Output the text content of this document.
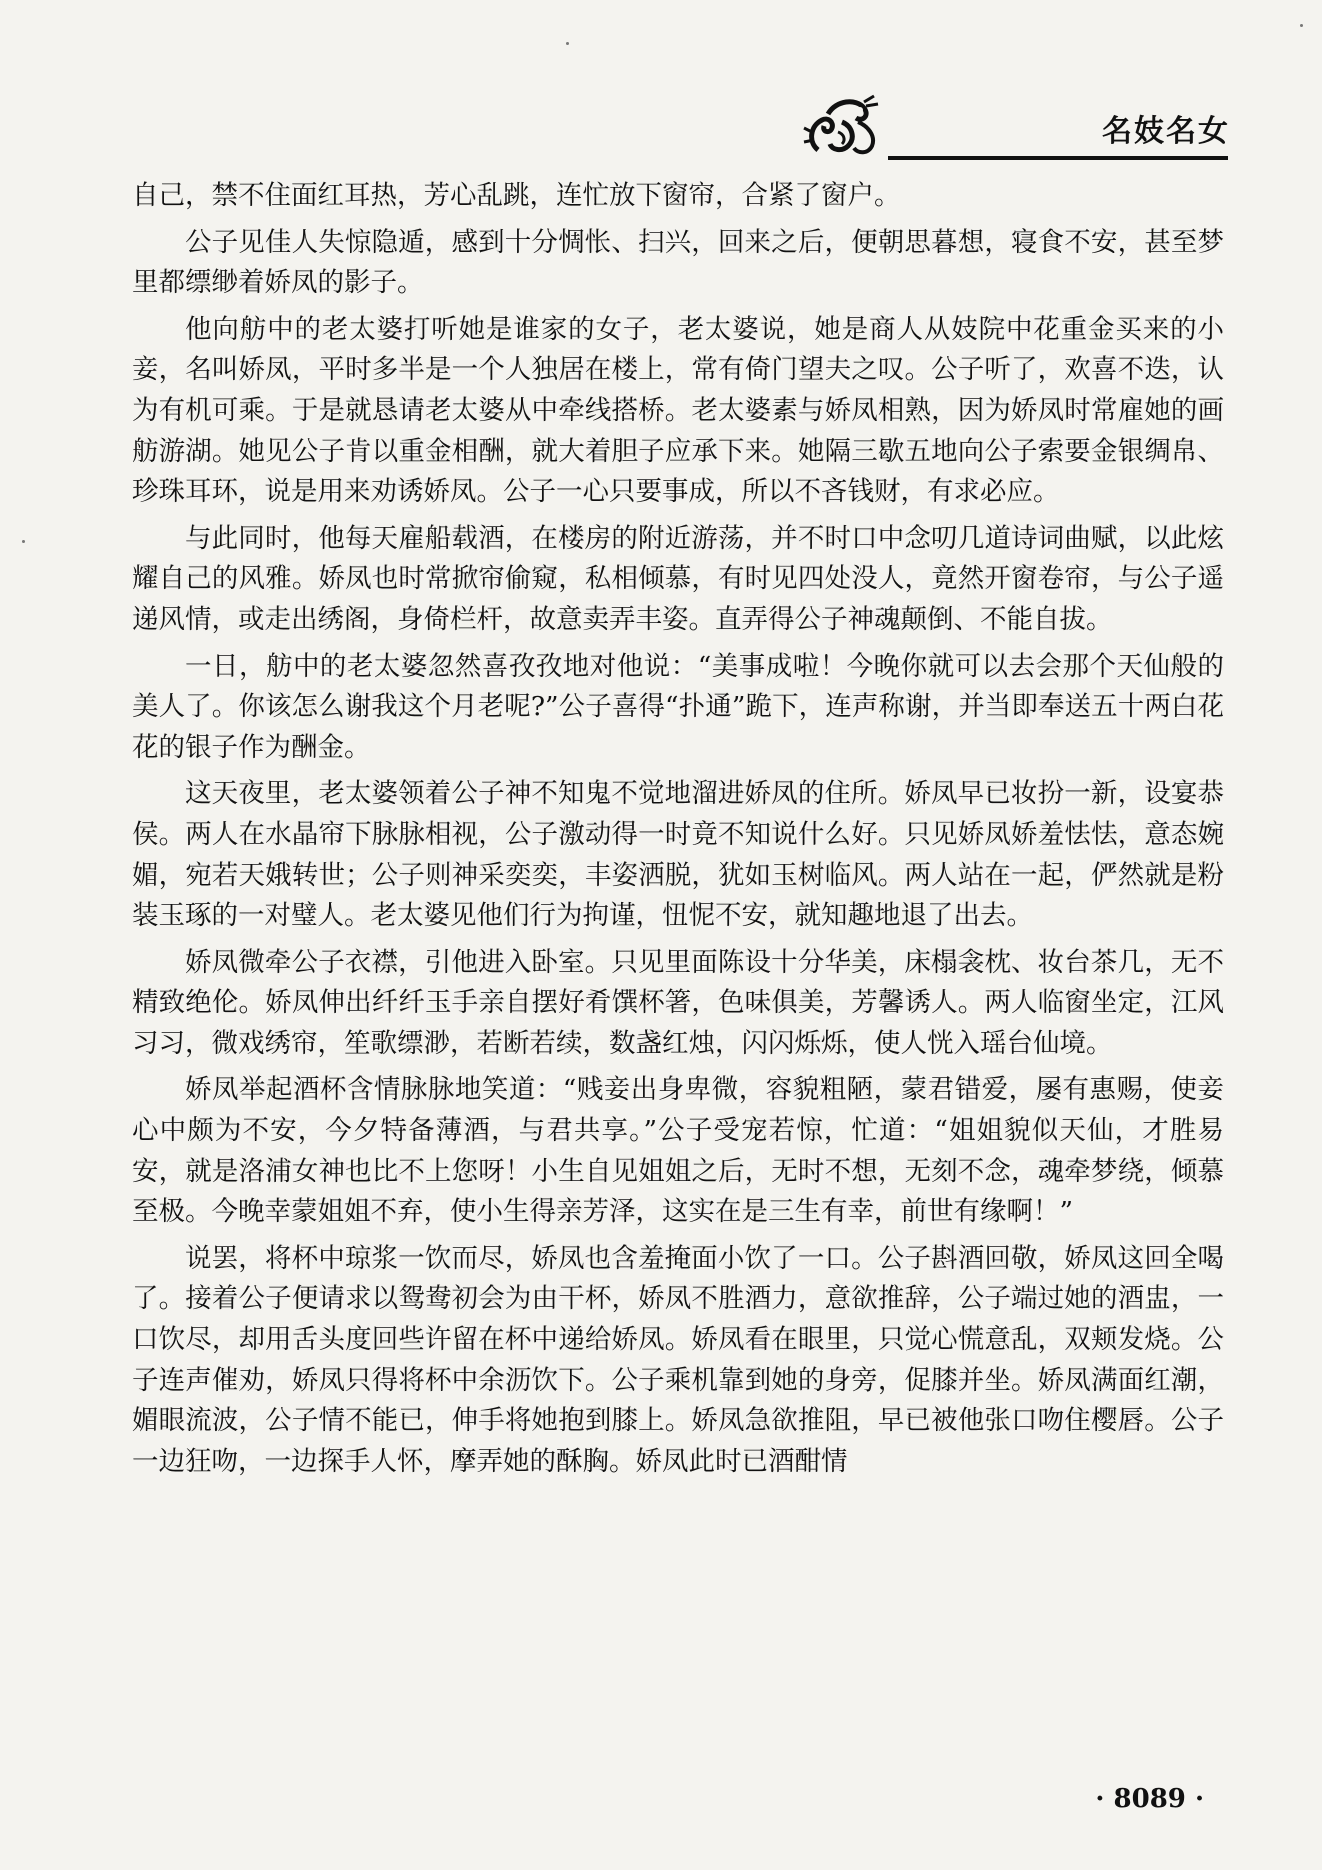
名妓名女

自己，禁不住面红耳热，芳心乱跳，连忙放下窗帘，合紧了窗户。

公子见佳人失惊隐遁，感到十分惆怅、扫兴，回来之后，便朝思暮想，寝食不安，甚至梦里都缥缈着娇凤的影子。

他向舫中的老太婆打听她是谁家的女子，老太婆说，她是商人从妓院中花重金买来的小妾，名叫娇凤，平时多半是一个人独居在楼上，常有倚门望夫之叹。公子听了，欢喜不迭，认为有机可乘。于是就恳请老太婆从中牵线搭桥。老太婆素与娇凤相熟，因为娇凤时常雇她的画舫游湖。她见公子肯以重金相酬，就大着胆子应承下来。她隔三歇五地向公子索要金银绸帛、珍珠耳环，说是用来劝诱娇凤。公子一心只要事成，所以不吝钱财，有求必应。

与此同时，他每天雇船载酒，在楼房的附近游荡，并不时口中念叨几道诗词曲赋，以此炫耀自己的风雅。娇凤也时常掀帘偷窥，私相倾慕，有时见四处没人，竟然开窗卷帘，与公子遥递风情，或走出绣阁，身倚栏杆，故意卖弄丰姿。直弄得公子神魂颠倒、不能自拔。

一日，舫中的老太婆忽然喜孜孜地对他说：“美事成啦！今晚你就可以去会那个天仙般的美人了。你该怎么谢我这个月老呢?”公子喜得“扑通”跪下，连声称谢，并当即奉送五十两白花花的银子作为酬金。

这天夜里，老太婆领着公子神不知鬼不觉地溜进娇凤的住所。娇凤早已妆扮一新，设宴恭侯。两人在水晶帘下脉脉相视，公子激动得一时竟不知说什么好。只见娇凤娇羞怯怯，意态婉媚，宛若天娥转世；公子则神采奕奕，丰姿洒脱，犹如玉树临风。两人站在一起，俨然就是粉装玉琢的一对璧人。老太婆见他们行为拘谨，忸怩不安，就知趣地退了出去。

娇凤微牵公子衣襟，引他进入卧室。只见里面陈设十分华美，床榻衾枕、妆台茶几，无不精致绝伦。娇凤伸出纤纤玉手亲自摆好肴馔杯箸，色味俱美，芳馨诱人。两人临窗坐定，江风习习，微戏绣帘，笙歌缥渺，若断若续，数盏红烛，闪闪烁烁，使人恍入瑶台仙境。

娇凤举起酒杯含情脉脉地笑道：“贱妾出身卑微，容貌粗陋，蒙君错爱，屡有惠赐，使妾心中颇为不安，今夕特备薄酒，与君共享。”公子受宠若惊，忙道：“姐姐貌似天仙，才胜易安，就是洛浦女神也比不上您呀！小生自见姐姐之后，无时不想，无刻不念，魂牵梦绕，倾慕至极。今晚幸蒙姐姐不弃，使小生得亲芳泽，这实在是三生有幸，前世有缘啊！”

说罢，将杯中琼浆一饮而尽，娇凤也含羞掩面小饮了一口。公子斟酒回敬，娇凤这回全喝了。接着公子便请求以鸳鸯初会为由干杯，娇凤不胜酒力，意欲推辞，公子端过她的酒盅，一口饮尽，却用舌头度回些许留在杯中递给娇凤。娇凤看在眼里，只觉心慌意乱，双颊发烧。公子连声催劝，娇凤只得将杯中余沥饮下。公子乘机靠到她的身旁，促膝并坐。娇凤满面红潮，媚眼流波，公子情不能已，伸手将她抱到膝上。娇凤急欲推阻，早已被他张口吻住樱唇。公子一边狂吻，一边探手人怀，摩弄她的酥胸。娇凤此时已酒酣情

· 8089 ·
